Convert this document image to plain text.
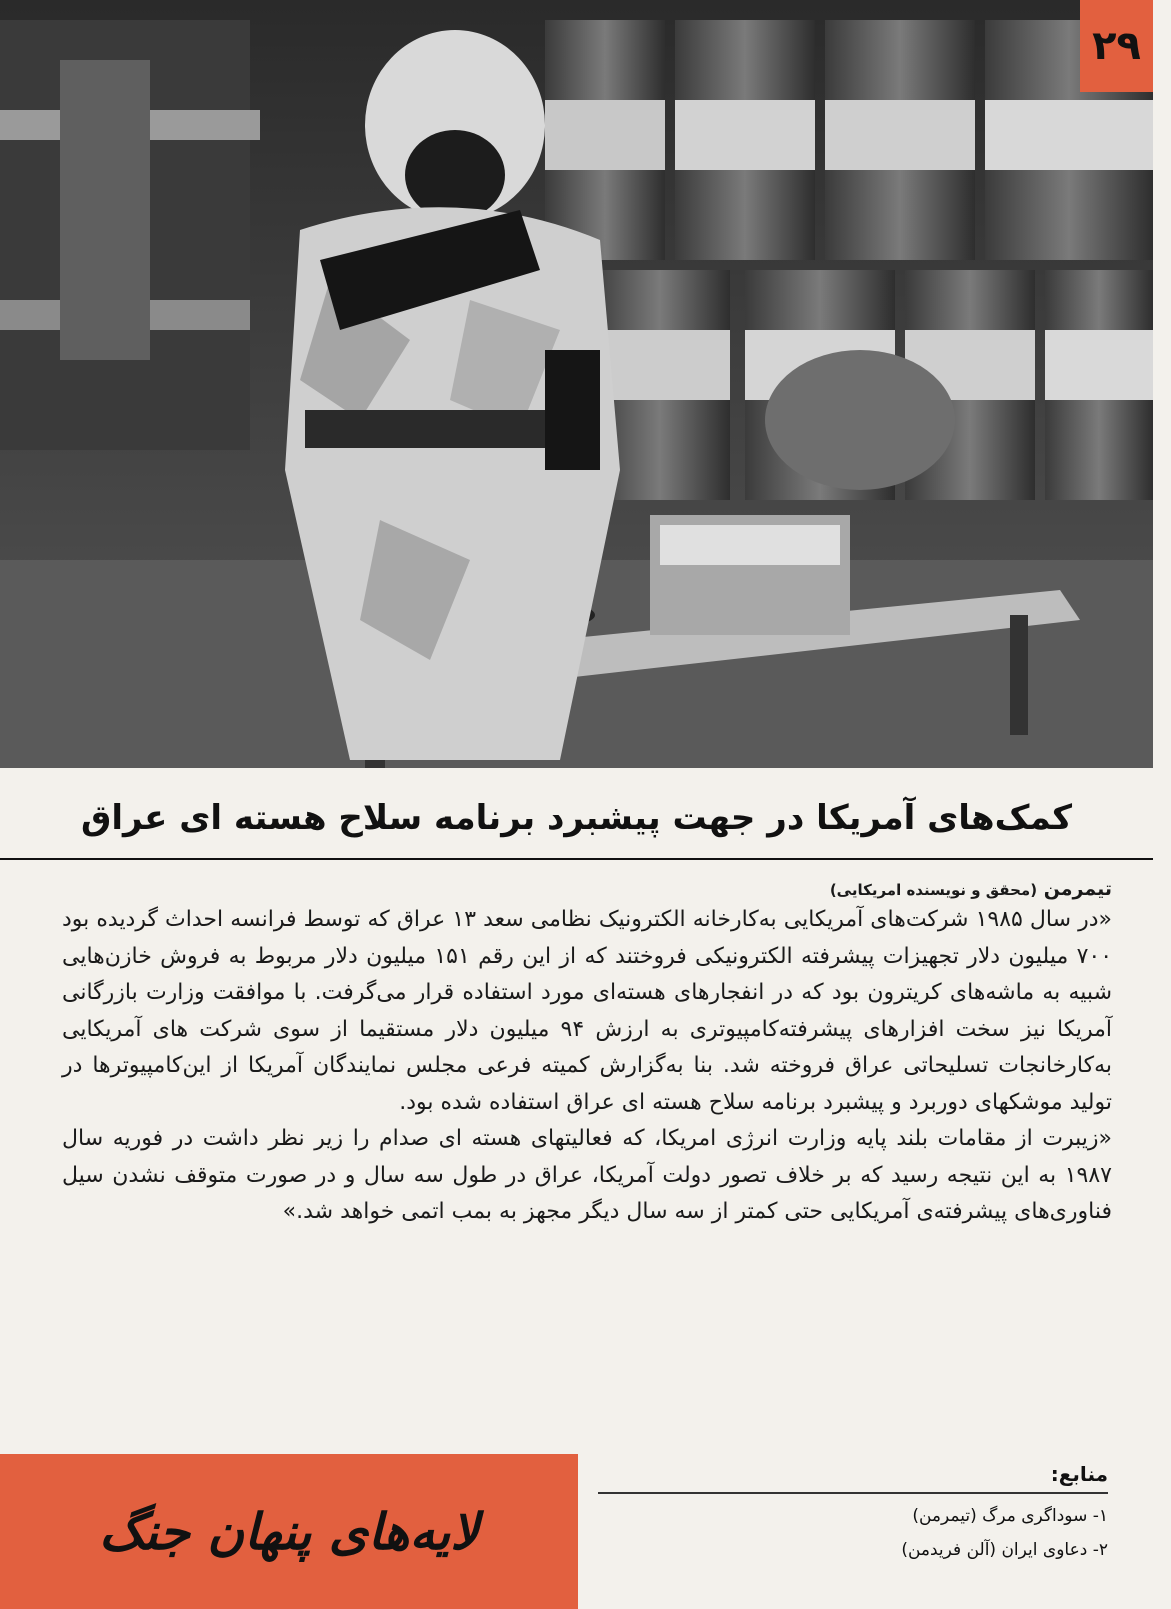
۲۹
کمک‌های آمریکا در جهت پیشبرد برنامه سلاح هسته ای عراق
تیمرمن (محقق و نویسنده امریکایی)

«در سال ۱۹۸۵ شرکت‌های آمریکایی به‌کارخانه الکترونیک نظامی سعد ۱۳ عراق که توسط فرانسه احداث گردیده بود ۷۰۰ میلیون دلار تجهیزات پیشرفته الکترونیکی فروختند که از این رقم ۱۵۱ میلیون دلار مربوط به فروش خازن‌هایی شبیه به ماشه‌های کریترون بود که در انفجارهای هسته‌ای مورد استفاده قرار می‌گرفت. با موافقت وزارت بازرگانی آمریکا نیز سخت افزارهای پیشرفته‌کامپیوتری به ارزش ۹۴ میلیون دلار مستقیما از سوی شرکت های آمریکایی به‌کارخانجات تسلیحاتی عراق فروخته شد. بنا به‌گزارش کمیته فرعی مجلس نمایندگان آمریکا از این‌کامپیوترها در تولید موشکهای دوربرد و پیشبرد برنامه سلاح هسته ای عراق استفاده شده بود.

«زیبرت از مقامات بلند پایه وزارت انرژی امریکا، که فعالیتهای هسته ای صدام را زیر نظر داشت در فوریه سال ۱۹۸۷ به این نتیجه رسید که بر خلاف تصور دولت آمریکا، عراق در طول سه سال و در صورت متوقف نشدن سیل فناوری‌های پیشرفته‌ی آمریکایی حتی کمتر از سه سال دیگر مجهز به بمب اتمی خواهد شد.»

لایه‌های پنهان جنگ
منابع:

۱- سوداگری مرگ (تیمرمن)

۲- دعاوی ایران (آلن فریدمن)
